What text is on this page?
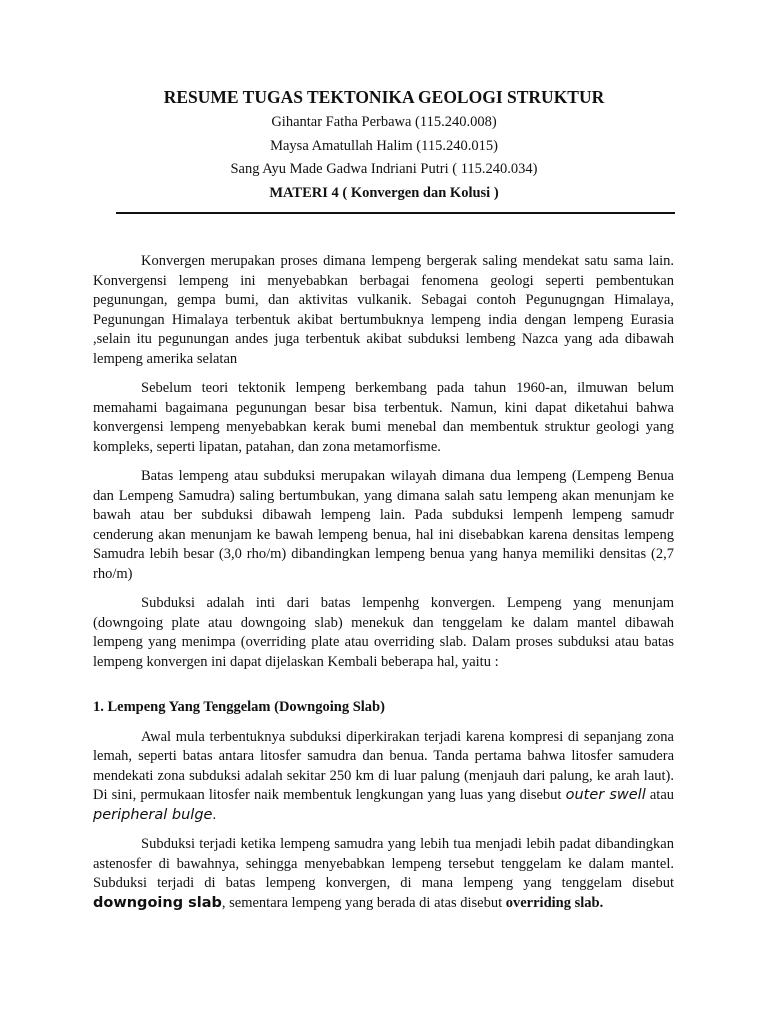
RESUME TUGAS TEKTONIKA GEOLOGI STRUKTUR
Gihantar Fatha Perbawa (115.240.008)
Maysa Amatullah Halim (115.240.015)
Sang Ayu Made Gadwa Indriani Putri ( 115.240.034)
MATERI 4 ( Konvergen dan Kolusi )

Konvergen merupakan proses dimana lempeng bergerak saling mendekat satu sama lain. Konvergensi lempeng ini menyebabkan berbagai fenomena geologi seperti pembentukan pegunungan, gempa bumi, dan aktivitas vulkanik. Sebagai contoh Pegunugngan Himalaya, Pegunungan Himalaya terbentuk akibat bertumbuknya lempeng india dengan lempeng Eurasia ,selain itu pegunungan andes juga terbentuk akibat subduksi lembeng Nazca yang ada dibawah lempeng amerika selatan

Sebelum teori tektonik lempeng berkembang pada tahun 1960-an, ilmuwan belum memahami bagaimana pegunungan besar bisa terbentuk. Namun, kini dapat diketahui bahwa konvergensi lempeng menyebabkan kerak bumi menebal dan membentuk struktur geologi yang kompleks, seperti lipatan, patahan, dan zona metamorfisme.

Batas lempeng atau subduksi merupakan wilayah dimana dua lempeng (Lempeng Benua dan Lempeng Samudra) saling bertumbukan, yang dimana salah satu lempeng akan menunjam ke bawah atau ber subduksi dibawah lempeng lain. Pada subduksi lempenh lempeng samudr cenderung akan menunjam ke bawah lempeng benua, hal ini disebabkan karena densitas lempeng Samudra lebih besar (3,0 rho/m) dibandingkan lempeng benua yang hanya memiliki densitas (2,7 rho/m)

Subduksi adalah inti dari batas lempenhg konvergen. Lempeng yang menunjam (downgoing plate atau downgoing slab) menekuk dan tenggelam ke dalam mantel dibawah lempeng yang menimpa (overriding plate atau overriding slab. Dalam proses subduksi atau batas lempeng konvergen ini dapat dijelaskan Kembali beberapa hal, yaitu :

1. Lempeng Yang Tenggelam (Downgoing Slab)

Awal mula terbentuknya subduksi diperkirakan terjadi karena kompresi di sepanjang zona lemah, seperti batas antara litosfer samudra dan benua. Tanda pertama bahwa litosfer samudera mendekati zona subduksi adalah sekitar 250 km di luar palung (menjauh dari palung, ke arah laut). Di sini, permukaan litosfer naik membentuk lengkungan yang luas yang disebut outer swell atau peripheral bulge.

Subduksi terjadi ketika lempeng samudra yang lebih tua menjadi lebih padat dibandingkan astenosfer di bawahnya, sehingga menyebabkan lempeng tersebut tenggelam ke dalam mantel. Subduksi terjadi di batas lempeng konvergen, di mana lempeng yang tenggelam disebut downgoing slab, sementara lempeng yang berada di atas disebut overriding slab.
